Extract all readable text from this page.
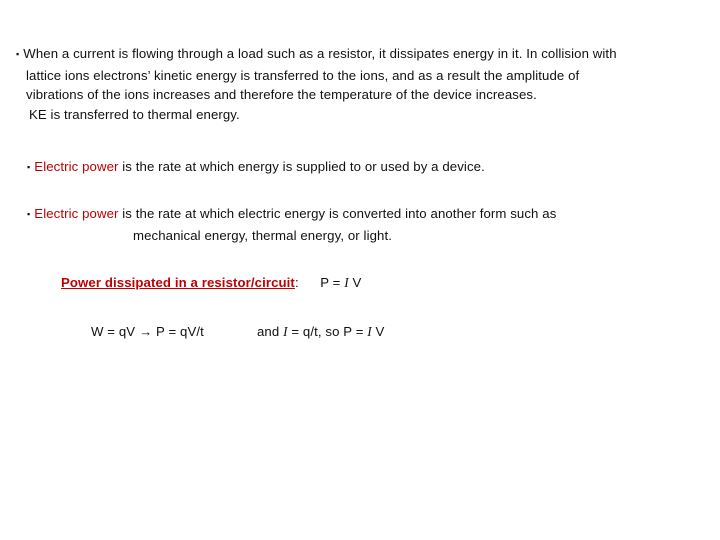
▪ When a current is flowing through a load such as a resistor, it dissipates energy in it. In collision with
lattice ions electrons’ kinetic energy is transferred to the ions, and as a result the amplitude of
vibrations of the ions increases and therefore the temperature of the device increases.
KE is transferred to thermal energy.
▪ Electric power is the rate at which energy is supplied to or used by a device.
▪ Electric power is the rate at which electric energy is converted into another form such as
mechanical energy, thermal energy, or light.
Power dissipated in a resistor/circuit: P = I V
W = qV → P = qV/t	and I = q/t, so P = I V
